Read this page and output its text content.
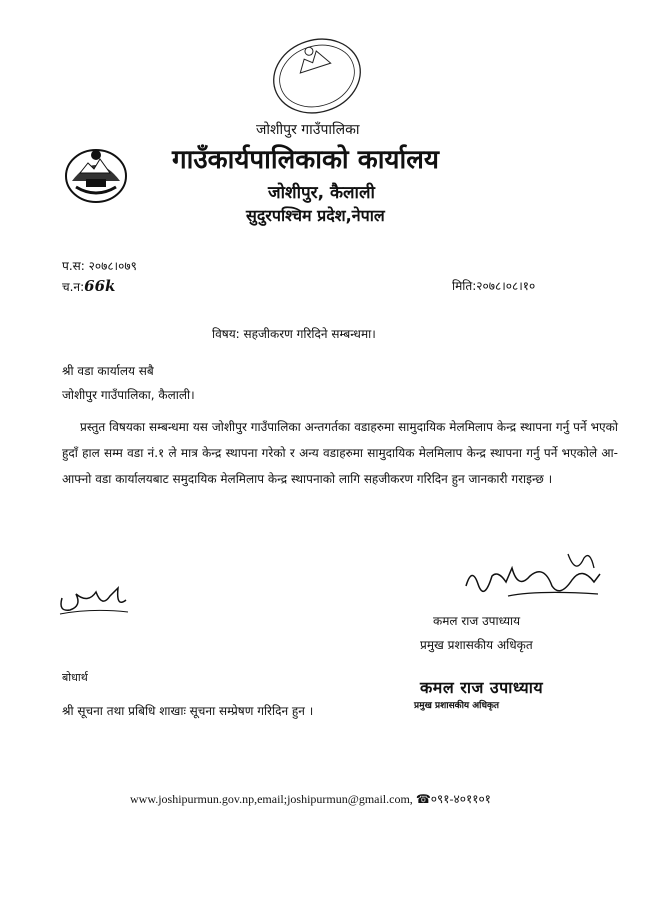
जोशीपुर गाउँपालिका
गाउँकार्यपालिकाको कार्यालय
जोशीपुर, कैलाली
सुदुरपश्चिम प्रदेश,नेपाल
प.स: २०७८।०७९
च.न:66k	मिति:२०७८।०८।१०
विषय: सहजीकरण गरिदिने सम्बन्धमा।
श्री वडा कार्यालय सबै
जोशीपुर गाउँपालिका, कैलाली।

प्रस्तुत विषयका सम्बन्धमा यस जोशीपुर गाउँपालिका अन्तगर्तका वडाहरुमा सामुदायिक मेलमिलाप केन्द्र स्थापना गर्नु पर्ने भएको हुदाँ हाल सम्म वडा नं.१ ले मात्र केन्द्र स्थापना गरेको र अन्य वडाहरुमा सामुदायिक मेलमिलाप केन्द्र स्थापना गर्नु पर्ने भएकोले आ-आफ्नो वडा कार्यालयबाट समुदायिक मेलमिलाप केन्द्र स्थापनाको लागि सहजीकरण गरिदिन हुन जानकारी गराइन्छ ।

कमल राज उपाध्याय
प्रमुख प्रशासकीय अधिकृत
कमल राज उपाध्याय
प्रमुख प्रशासकीय अधिकृत
बोधार्थ
श्री सूचना तथा प्रबिधि शाखाः सूचना सम्प्रेषण गरिदिन हुन ।
www.joshipurmun.gov.np,email;joshipurmun@gmail.com, ☎०९१-४०११०१
